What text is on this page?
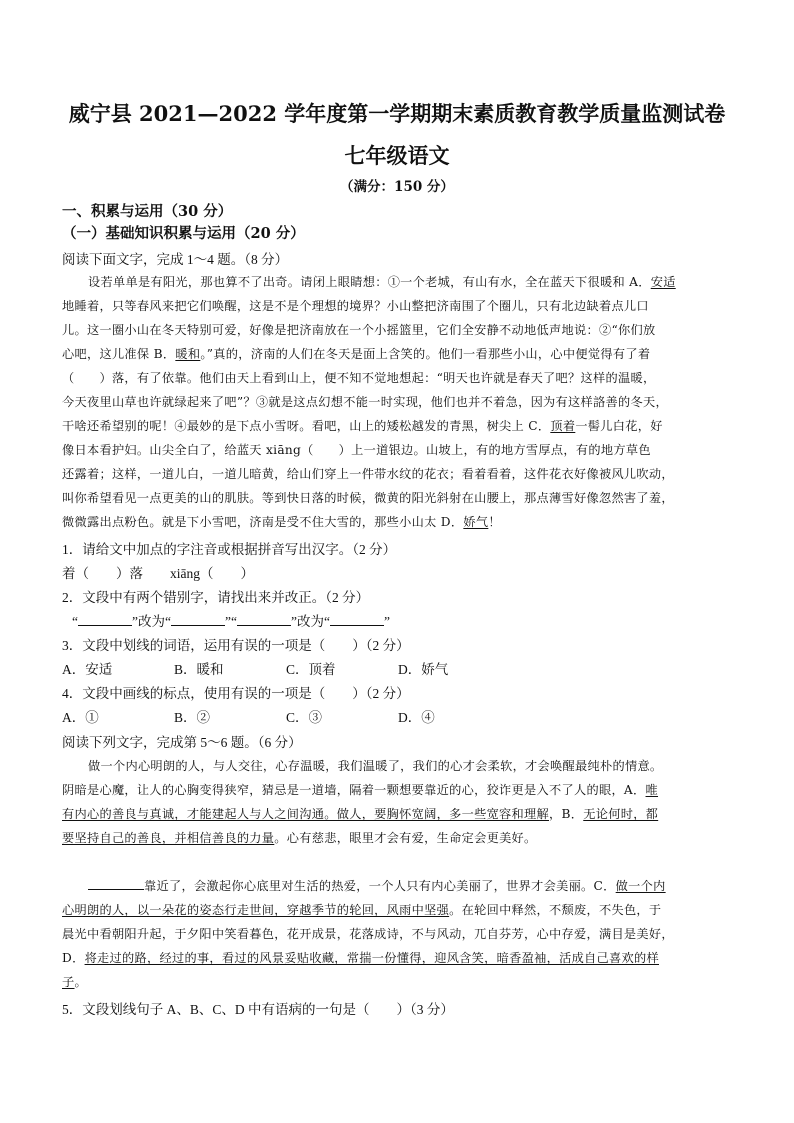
威宁县 2021—2022 学年度第一学期期末素质教育教学质量监测试卷
七年级语文
（满分：150 分）
一、积累与运用（30 分）
（一）基础知识积累与运用（20 分）
阅读下面文字，完成 1～4 题。（8 分）
设若单单是有阳光，那也算不了出奇。请闭上眼睛想：①一个老城，有山有水，全在蓝天下很暖和 A．安适
地睡着，只等春风来把它们唤醒，这是不是个理想的境界？小山整把济南围了个圈儿，只有北边缺着点儿口
儿。这一圈小山在冬天特别可爱，好像是把济南放在一个小摇篮里，它们全安静不动地低声地说：②“你们放
心吧，这儿准保 B．暖和。”真的，济南的人们在冬天是面上含笑的。他们一看那些小山，心中便觉得有了着
（　　）落，有了依靠。他们由天上看到山上，便不知不觉地想起：“明天也许就是春天了吧？这样的温暖，
今天夜里山草也许就绿起来了吧”？③就是这点幻想不能一时实现，他们也并不着急，因为有这样詻善的冬天，
干啥还希望别的呢！④最妙的是下点小雪呀。看吧，山上的矮松越发的青黑，树尖上 C．顶着一髻儿白花，好
像日本看护妇。山尖全白了，给蓝天 xiāng（　　）上一道银边。山坡上，有的地方雪厚点，有的地方草色
还露着；这样，一道儿白，一道儿暗黄，给山们穿上一件带水纹的花衣；看着看着，这件花衣好像被风儿吹动，
叫你希望看见一点更美的山的肌肤。等到快日落的时候，微黄的阳光斜射在山腰上，那点薄雪好像忽然害了羞，
微微露出点粉色。就是下小雪吧，济南是受不住大雪的，那些小山太 D．娇气！
1．请给文中加点的字注音或根据拼音写出汉字。（2 分）
着（　　）落　　xiāng（　　）
2．文段中有两个错别字，请找出来并改正。（2 分）
“	”改为“	”“	”改为“	”
3．文段中划线的词语，运用有误的一项是（　　）（2 分）
A．安适	B．暖和	C．顶着	D．娇气
4．文段中画线的标点，使用有误的一项是（　　）（2 分）
A．①	B．②	C．③	D．④
阅读下列文字，完成第 5～6 题。（6 分）
做一个内心明朗的人，与人交往，心存温暖，我们温暖了，我们的心才会柔软，才会唤醒最纯朴的情意。
阴暗是心魔，让人的心胸变得狭窄，猜忌是一道墙，隔着一颗想要靠近的心，狡诈更是入不了人的眼，A．唯
有内心的善良与真诚，才能建起人与人之间沟通。做人，要胸怀宽阔，多一些宽容和理解，B．无论何时，都
要坚持自己的善良，并相信善良的力量。心有慈悲，眼里才会有爱，生命定会更美好。
靠近了，会激起你心底里对生活的热爱，一个人只有内心美丽了，世界才会美丽。C．做一个内
心明朗的人，以一朵花的姿态行走世间，穿越季节的轮回，风雨中坚强。在轮回中释然，不颓废，不失色，于
晨光中看朝阳升起，于夕阳中笑看暮色，花开成景，花落成诗，不与风动，兀自芬芳，心中存爱，满目是美好，
D．将走过的路，经过的事，看过的风景妥贴收藏，常揣一份懂得，迎风含笑，暗香盈袖，活成自己喜欢的样
子。
5．文段划线句子 A、B、C、D 中有语病的一句是（　　）（3 分）
